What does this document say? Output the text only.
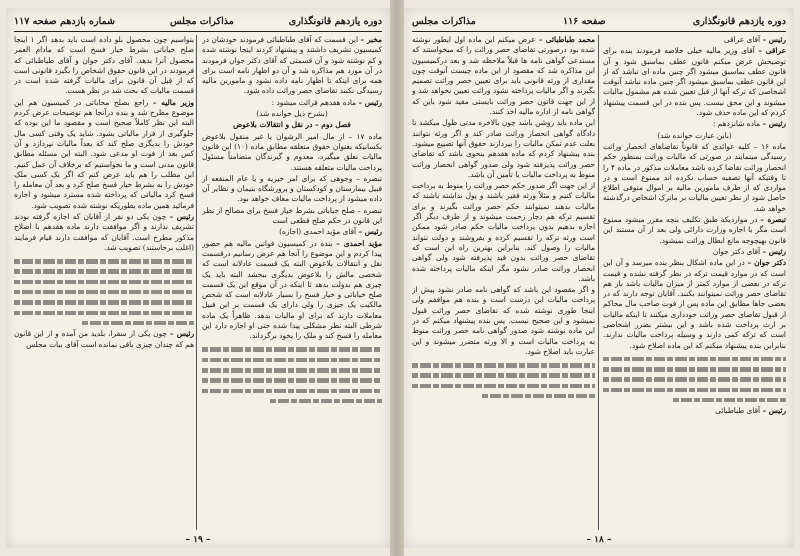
دوره یازدهم قانونگذاری
مذاکرات مجلس
شماره بازدهم صفحه ۱۱۷

مخبر – این قسمت که آقای طباطبائی فرمودند خودشان در کمیسیون تشریف داشتند و پیشنهاد کردند اینجا نوشته شده و کم نوشته شود و آن قسمتی که آقای دکتر جوان فرمودند در آن مورد هم مذاکره شد و آن دو اظهار نامه است برای همه برای اینکه تا اظهار نامه داده نشود و مامورین مالیه رسیدگی نکنند تقاضای حصر وراثت داده شود.

رئیس – ماده هفدهم قرائت میشود :

(بشرح ذیل خوانده شد)

فصل دوم – در نقل و انتقالات بلاعوض

ماده ۱۷ – از مال امیر الرشوان یا غیر منقول بلاعوض بکسانیکه بعنوان حقوق متعلقه مطابق ماده (۱۰) این قانون مالیات تعلق میگیرد، معدوم و گیرندگان متضامناً مسئول پرداخت مالیات متعلقه هستند.

تبصره – وجوهی که برای امر خیریه و یا عام المنفعه از قبیل بیمارستان و کودکستان و پرورشگاه بتیمان و نظایر آن داده میشود از پرداخت مالیات معاف خواهد بود.

تبصره – صلح خیاباتی بشرط خیار فسخ برای مصالح از نظر این قانون در حکم صلح قطعی است

رئیس – آقای مؤید احمدی (اجازه)

مؤید احمدی – بنده در کمیسیون قوانین مالیه هم حضور پیدا کردم و این موضوع را آنجا هم عرض رسانیم درقسمت نقل و انتقالات بلاعوض البته یک قسمت عادلانه است که شخصی مالش را بلاعوض بدیگری ببخشد البته باید یک چیزی هم بدولت بدهد تا اینکه در آن موقع این یک قسمت صلح خیاباتی و خیار فسخ را بسیار عادلانه است که شخص مالکیت یک جیزی را ولی دارای یک قسمت بر این قبیل معاملات دارند که برای او مالیات بدهد. ظاهراً یک ماده شرطی البته نظر مشکلی پیدا شده حتی او اجازه دارد این معامله را فسخ کند و ملک را بخود برگرداند.

بتواسیم چون محصول بلو داده است باید بدهد اگر ۱ اینجا صلح خیاباتی بشرط خیار فسخ است که مادام العمر محصول آنرا بدهد. آقای دکتر جوان و آقای طباطبائی که فرمودند در این قانون حقوق اشخاص را بگیرد قانونی است که از قبل آن قانون برای مالیات گرفته شده است در قسمت مالیات که بحث شد در نظر هست.

وزیر مالیه – راجع بصلح محاباتی در کمیسیون هم این موضوع مطرح شد و بنده درآنجا هم توضیحات عرض کردم البته این نظر کاملاً صحیح است و مقصود ما این بوده که جلوگیری از فرار مالیاتی بشود. شاید یک وقتی کسی مال خودش را بدیگری صلح کند که بعداً مالیات نپردازد و آن کس بعد از فوت او مدعی شود. البته این مسئله مطابق قانون مدنی است و ما نخواستیم که برخلاف آن عمل کنیم. این مطلب را هم باید عرض کنم که اگر یک کسی ملک خودش را به بشرط خیار فسخ صلح کرد و بعد آن معامله را فسخ کرد مالیاتی که پرداخته شده مسترد میشود و اجازه فرمائید همین ماده بطوریکه نوشته شده تصویب شود.

رئیس – چون یکی دو نفر از آقایان که اجازه گرفته بودند تشریف ندارند و اگر موافقت دارند ماده هفدهم با اصلاح مذکور مطرح است. آقایان که موافقت دارند قیام فرمایند (اغلب برخاستند) تصویب شد.

رئیس – چون یکی از سفرا، بلدید من آمده و از این قانون هم که چندان چیزی باقی نمانده است آقای بیات مجلس

– ۱۹ –
دوره یازدهم قانونگذاری
صفحه ۱۱۶
مذاکرات مجلس

رئیس – آقای عراقی

عراقی – آقای وزیر مالیه خیلی خلاصه فرمودند بنده برای توضیحش عرض میکنم قانون عطف بماسبق شود و آن قانون عطف بماسبق میشود اگر چنین ماده ای نباشد که از این قانون عطف بماسبق میشود اگر چنین ماده نباشد آنوقت اشخاصی که ترکه آنها از قبل تعیین شده هم مشمول مالیات میشوند و این محق نیست. پس بنده در این قسمت پیشنهاد کردم که این ماده حذف شود.

رئیس – ماده شانزدهم :

(باین عبارت خوانده شد)

ماده ۱۶ – کلیه عوائدی که قانوناً تقاضاهای انحصار وراثت رسیدگی مینمایند در صورتی که مالیات وراثت بمنظور حکم انحصار وراثت تقاضا کرده باشد معاملات مذکور در ماده ۴ را تا وقتیکه آنها تصفیه حساب نکرده اند ممنوع است و در مواردی که از طرف مامورین مالیه بر اموال متوفی اطلاع حاصل شود از نظر تعیین مالیات بر ماترک اشخاص درگذشته خواهد شد.

تبصره – در مواردیکه طبق تکلیف بنچه مقرر میشود ممنوع است مگر با اجازه وزارت دارائی ولی بعد از آن مستند این قانون بهیچوجه مانع ابطال وراثت نمیشود.

رئیس – آقای دکتر جوان

دکتر جوان – در این ماده اشکال بنظر بنده میرسد و آن این است که در موارد قیمت ترکه در نظر گرفته نشده و قیمت ترکه در بعضی از موارد کمتر از میزان مالیات باشد باز هم تقاضای حصر وراثت نمیتوانند بکنند. آقایان توجه دارند که در بعضی جاها مطابق این ماده پس از فوت صاحب مال محاکم از قبول تقاضای حصر وراثت خودداری میکنند تا اینکه مالیات بر ارث پرداخت شده باشد و این بیشتر بضرر اشخاصی است که ترکه کمی دارند و وسیله پرداخت مالیات ندارند. بنابراین بنده پیشنهاد میکنم که این ماده اصلاح شود.

رئیس – آقای طباطبائی

محمد طباطبائی – عرض میکنم این ماده اول ایطور نوشته شده بود درصورتی تقاضای حصر وراثت را که میخواستند که مستدعی گواهی نامه ها قبلاً ملاحظه شد و بعد درکمیسیون این مذاکره شد که مقصود از این ماده چیست آنوقت چون مقداری از ورثه قانونی باید برای تعیین حصر وراثت تصمیم بگیرند و اگر مالیات پرداخته نشود وراثت تعیین نخواهد شد و از این جهت قانون حصر وراثت بایستی مقید شود باین که گواهی نامه از اداره مالیه اخذ کنند.

این ماده باید روشن باشد چون بالاخره مدتی طول میکشد تا دادگاه گواهی انحصار وراثت صادر کند و اگر ورثه نتوانند بعلت عدم تمکن مالیات را بپردازند حقوق آنها تضییع میشود. بنده پیشنهاد کردم که ماده هفدهم بنحوی باشد که تقاضای حصر وراثت پذیرفته شود ولی صدور گواهی انحصار وراثت منوط به پرداخت مالیات یا تأمین آن باشد.

از این جهت اگر صدور حکم حصر وراثت را منوط به پرداخت مالیات کنیم و مثلاً ورثه فقیر باشند و پول نداشته باشند که مالیات بدهند نمیتوانند حکم حصر وراثت بگیرند و برای تقسیم ترکه هم دچار زحمت میشوند و از طرف دیگر اگر اجازه بدهیم بدون پرداخت مالیات حکم صادر شود ممکن است ورثه ترکه را تقسیم کرده و بفروشند و دولت نتواند مالیات را وصول کند. بنابراین بهترین راه این است که تقاضای حصر وراثت بدون قید پذیرفته شود ولی گواهی انحصار وراثت صادر نشود مگر اینکه مالیات پرداخته شده باشد.

و اگر مقصود این باشد که گواهی نامه صادر نشود پیش از پرداخت مالیات این درست است و بنده هم موافقم ولی اینجا طوری نوشته شده که تقاضای حصر وراثت قبول نمیشود و این صحیح نیست. پس بنده پیشنهاد میکنم که در این ماده نوشته شود صدور گواهی نامه حصر وراثت منوط به پرداخت مالیات است و الا ورثه متضرر میشوند و این عبارت باید اصلاح شود.

– ۱۸ –
